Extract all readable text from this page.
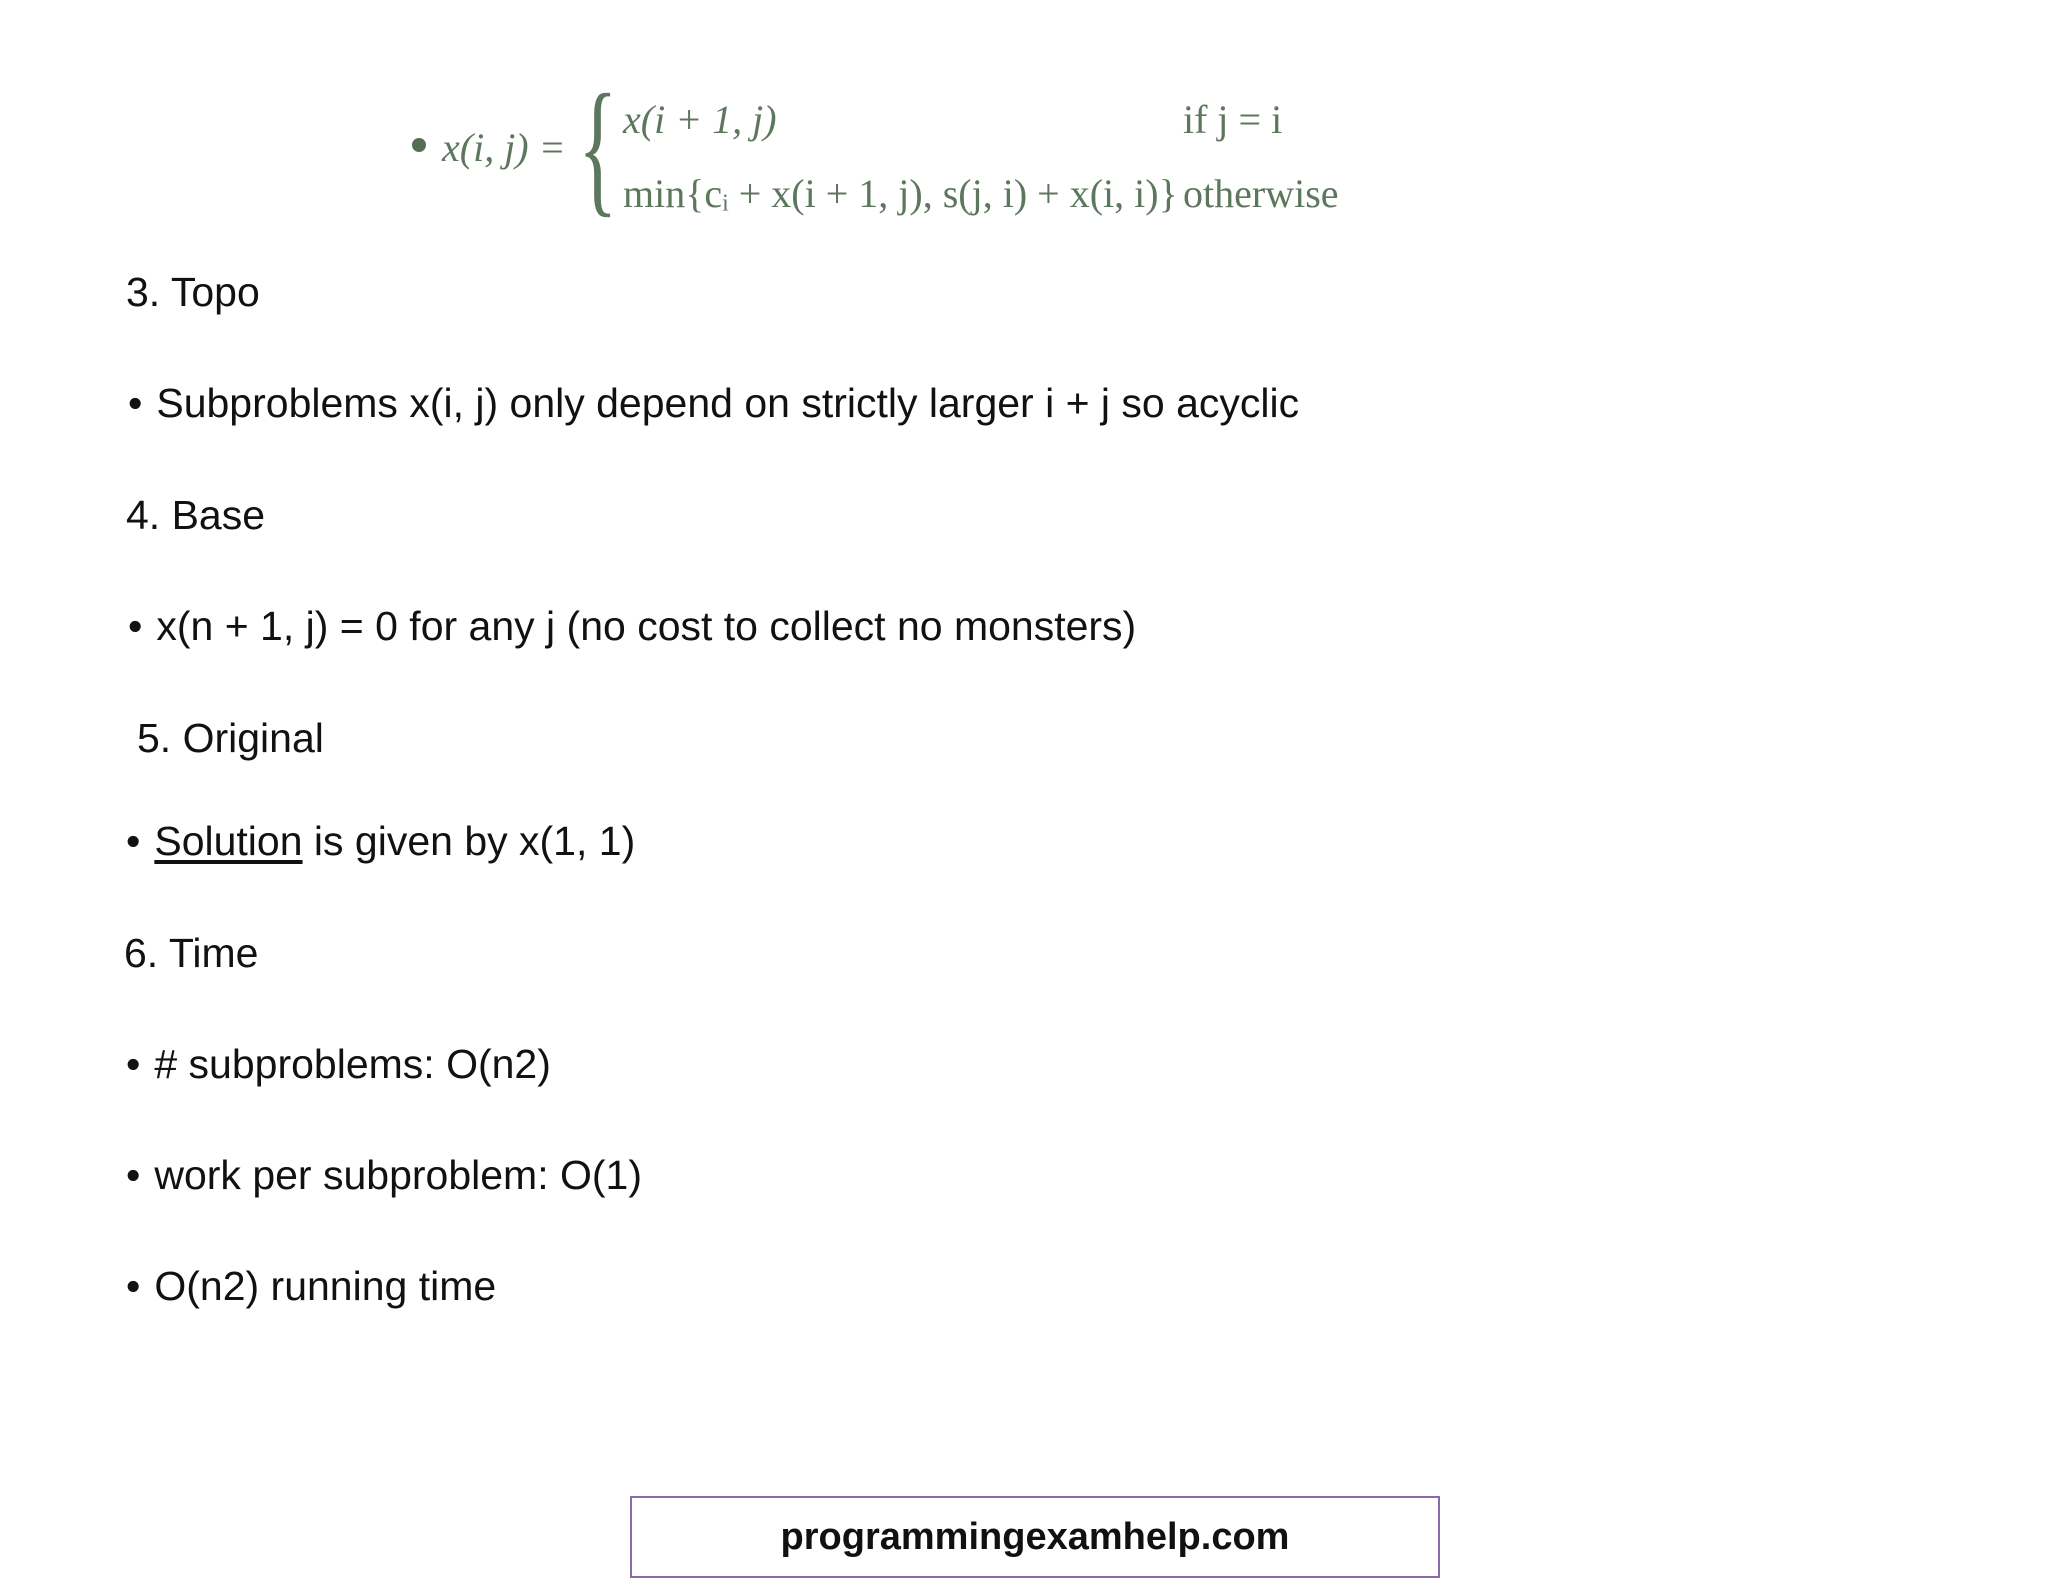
x(i, j) = { x(i + 1, j)	if j = i
min{cᵢ + x(i + 1, j), s(j, i) + x(i, i)} otherwise
3. Topo
• Subproblems x(i, j) only depend on strictly larger i + j so acyclic
4. Base
• x(n + 1, j) = 0 for any j (no cost to collect no monsters)
5. Original
• Solution is given by x(1, 1)
6. Time
• # subproblems: O(n2)
• work per subproblem: O(1)
• O(n2) running time
programmingexamhelp.com
